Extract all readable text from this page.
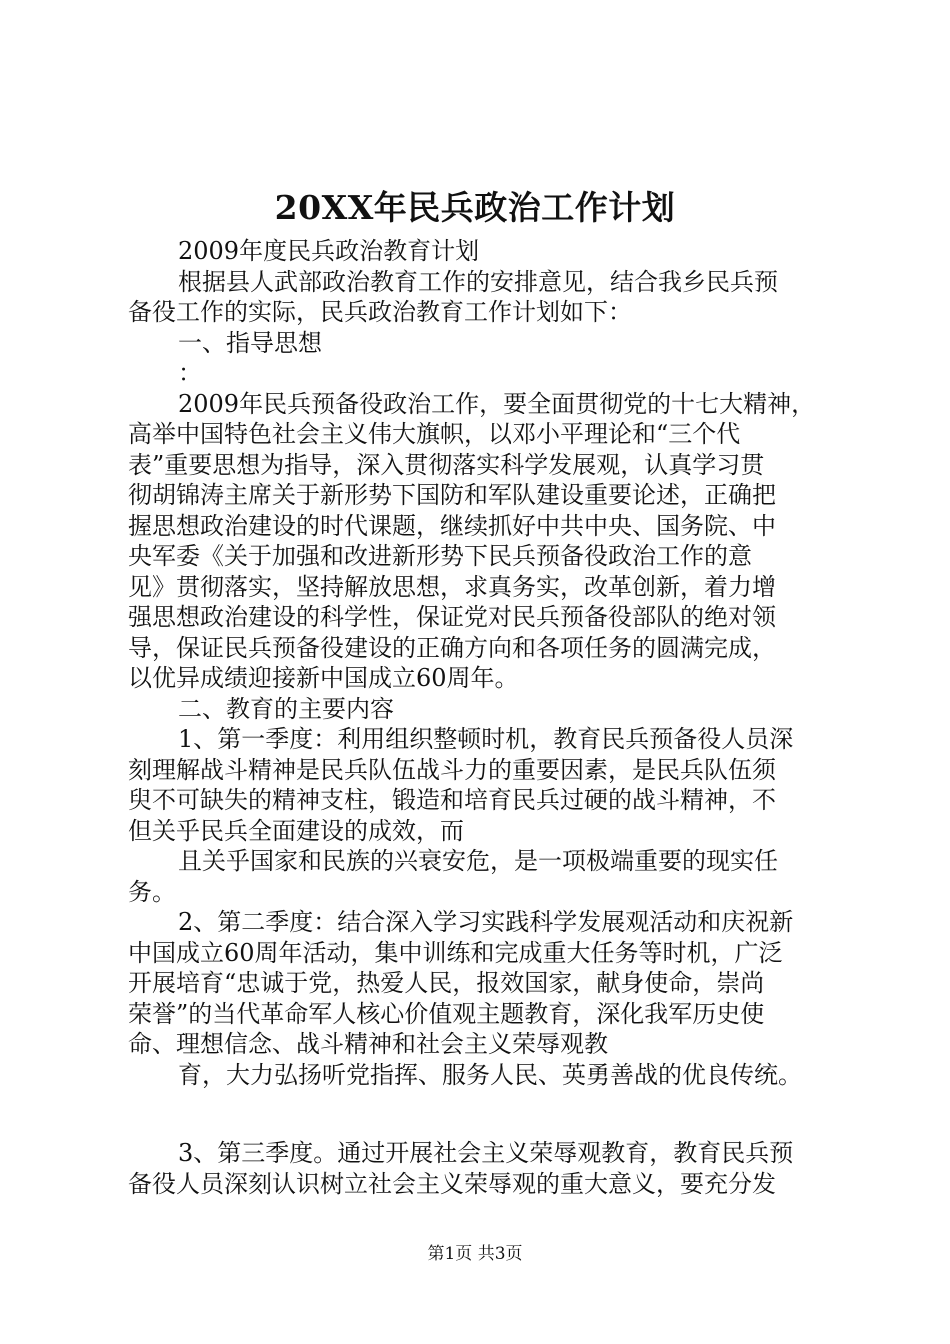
20XX年民兵政治工作计划
2009年度民兵政治教育计划
根据县人武部政治教育工作的安排意见，结合我乡民兵预
备役工作的实际，民兵政治教育工作计划如下：
一、指导思想
：
2009年民兵预备役政治工作，要全面贯彻党的十七大精神，
高举中国特色社会主义伟大旗帜，以邓小平理论和“三个代
表”重要思想为指导，深入贯彻落实科学发展观，认真学习贯
彻胡锦涛主席关于新形势下国防和军队建设重要论述，正确把
握思想政治建设的时代课题，继续抓好中共中央、国务院、中
央军委《关于加强和改进新形势下民兵预备役政治工作的意
见》贯彻落实，坚持解放思想，求真务实，改革创新，着力增
强思想政治建设的科学性，保证党对民兵预备役部队的绝对领
导，保证民兵预备役建设的正确方向和各项任务的圆满完成，
以优异成绩迎接新中国成立60周年。
二、教育的主要内容
1、第一季度：利用组织整顿时机，教育民兵预备役人员深
刻理解战斗精神是民兵队伍战斗力的重要因素，是民兵队伍须
臾不可缺失的精神支柱，锻造和培育民兵过硬的战斗精神，不
但关乎民兵全面建设的成效，而
且关乎国家和民族的兴衰安危，是一项极端重要的现实任
务。
2、第二季度：结合深入学习实践科学发展观活动和庆祝新
中国成立60周年活动，集中训练和完成重大任务等时机，广泛
开展培育“忠诚于党，热爱人民，报效国家，献身使命，崇尚
荣誉”的当代革命军人核心价值观主题教育，深化我军历史使
命、理想信念、战斗精神和社会主义荣辱观教
育，大力弘扬听党指挥、服务人民、英勇善战的优良传统。
3、第三季度。通过开展社会主义荣辱观教育，教育民兵预
备役人员深刻认识树立社会主义荣辱观的重大意义，要充分发
第1页 共3页
